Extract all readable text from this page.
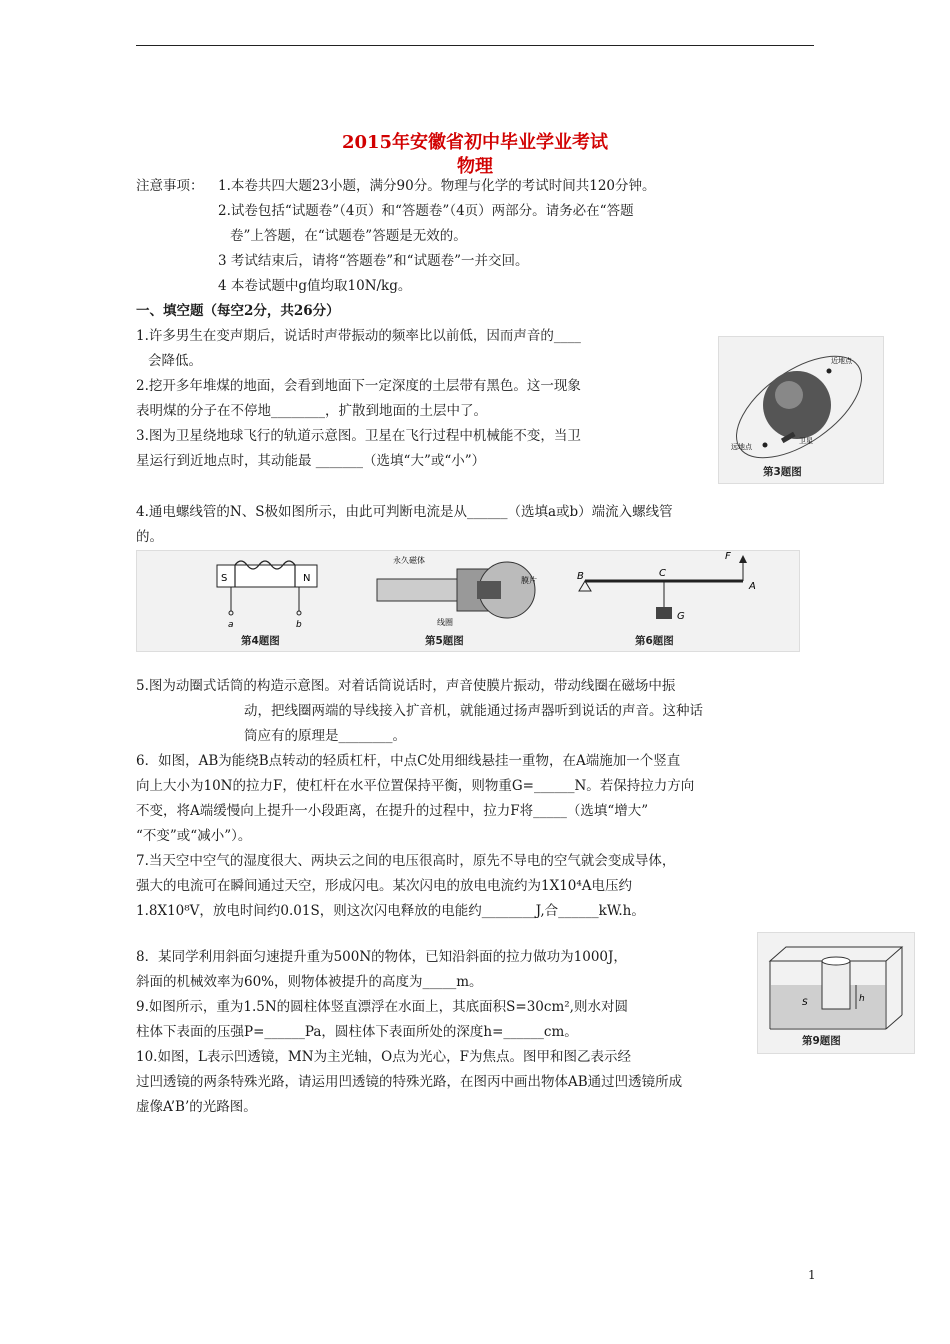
2015年安徽省初中毕业学业考试
物理
注意事项： 1.本卷共四大题23小题，满分90分。物理与化学的考试时间共120分钟。
2.试卷包括“试题卷”（4页）和“答题卷”（4页）两部分。请务必在“答题
卷”上答题，在“试题卷”答题是无效的。
3 考试结束后，请将“答题卷”和“试题卷”一并交回。
4 本卷试题中g值均取10N/kg。
一、填空题（每空2分，共26分）
1.许多男生在变声期后，说话时声带振动的频率比以前低，因而声音的____
会降低。
2.挖开多年堆煤的地面，会看到地面下一定深度的土层带有黑色。这一现象
表明煤的分子在不停地________，扩散到地面的土层中了。
3.图为卫星绕地球飞行的轨道示意图。卫星在飞行过程中机械能不变，当卫
星运行到近地点时，其动能最 _______（选填“大”或“小”）
近地点
远地点
卫星
第3题图
4.通电螺线管的N、S极如图所示，由此可判断电流是从______（选填a或b）端流入螺线管
的。
S	N
a	b
永久磁体
膜片
线圈
B	C
A
F
G
第4题图	第5题图	第6题图
5.图为动圈式话筒的构造示意图。对着话筒说话时，声音使膜片振动，带动线圈在磁场中振
动，把线圈两端的导线接入扩音机，就能通过扬声器听到说话的声音。这种话
筒应有的原理是________。
6．如图，AB为能绕B点转动的轻质杠杆，中点C处用细线悬挂一重物，在A端施加一个竖直
向上大小为10N的拉力F，使杠杆在水平位置保持平衡，则物重G=______N。若保持拉力方向
不变，将A端缓慢向上提升一小段距离，在提升的过程中，拉力F将_____（选填“增大”
“不变”或“减小”）。
7.当天空中空气的湿度很大、两块云之间的电压很高时，原先不导电的空气就会变成导体，
强大的电流可在瞬间通过天空，形成闪电。某次闪电的放电电流约为1X10⁴A电压约
1.8X10⁸V，放电时间约0.01S，则这次闪电释放的电能约________J,合______kW.h。
h
S
第9题图
8．某同学利用斜面匀速提升重为500N的物体，已知沿斜面的拉力做功为1000J，
斜面的机械效率为60%，则物体被提升的高度为_____m。
9.如图所示，重为1.5N的圆柱体竖直漂浮在水面上，其底面积S=30cm²,则水对圆
柱体下表面的压强P=______Pa，圆柱体下表面所处的深度h=______cm。
10.如图，L表示凹透镜，MN为主光轴，O点为光心，F为焦点。图甲和图乙表示经
过凹透镜的两条特殊光路，请运用凹透镜的特殊光路，在图丙中画出物体AB通过凹透镜所成
虚像A’B’的光路图。
1
